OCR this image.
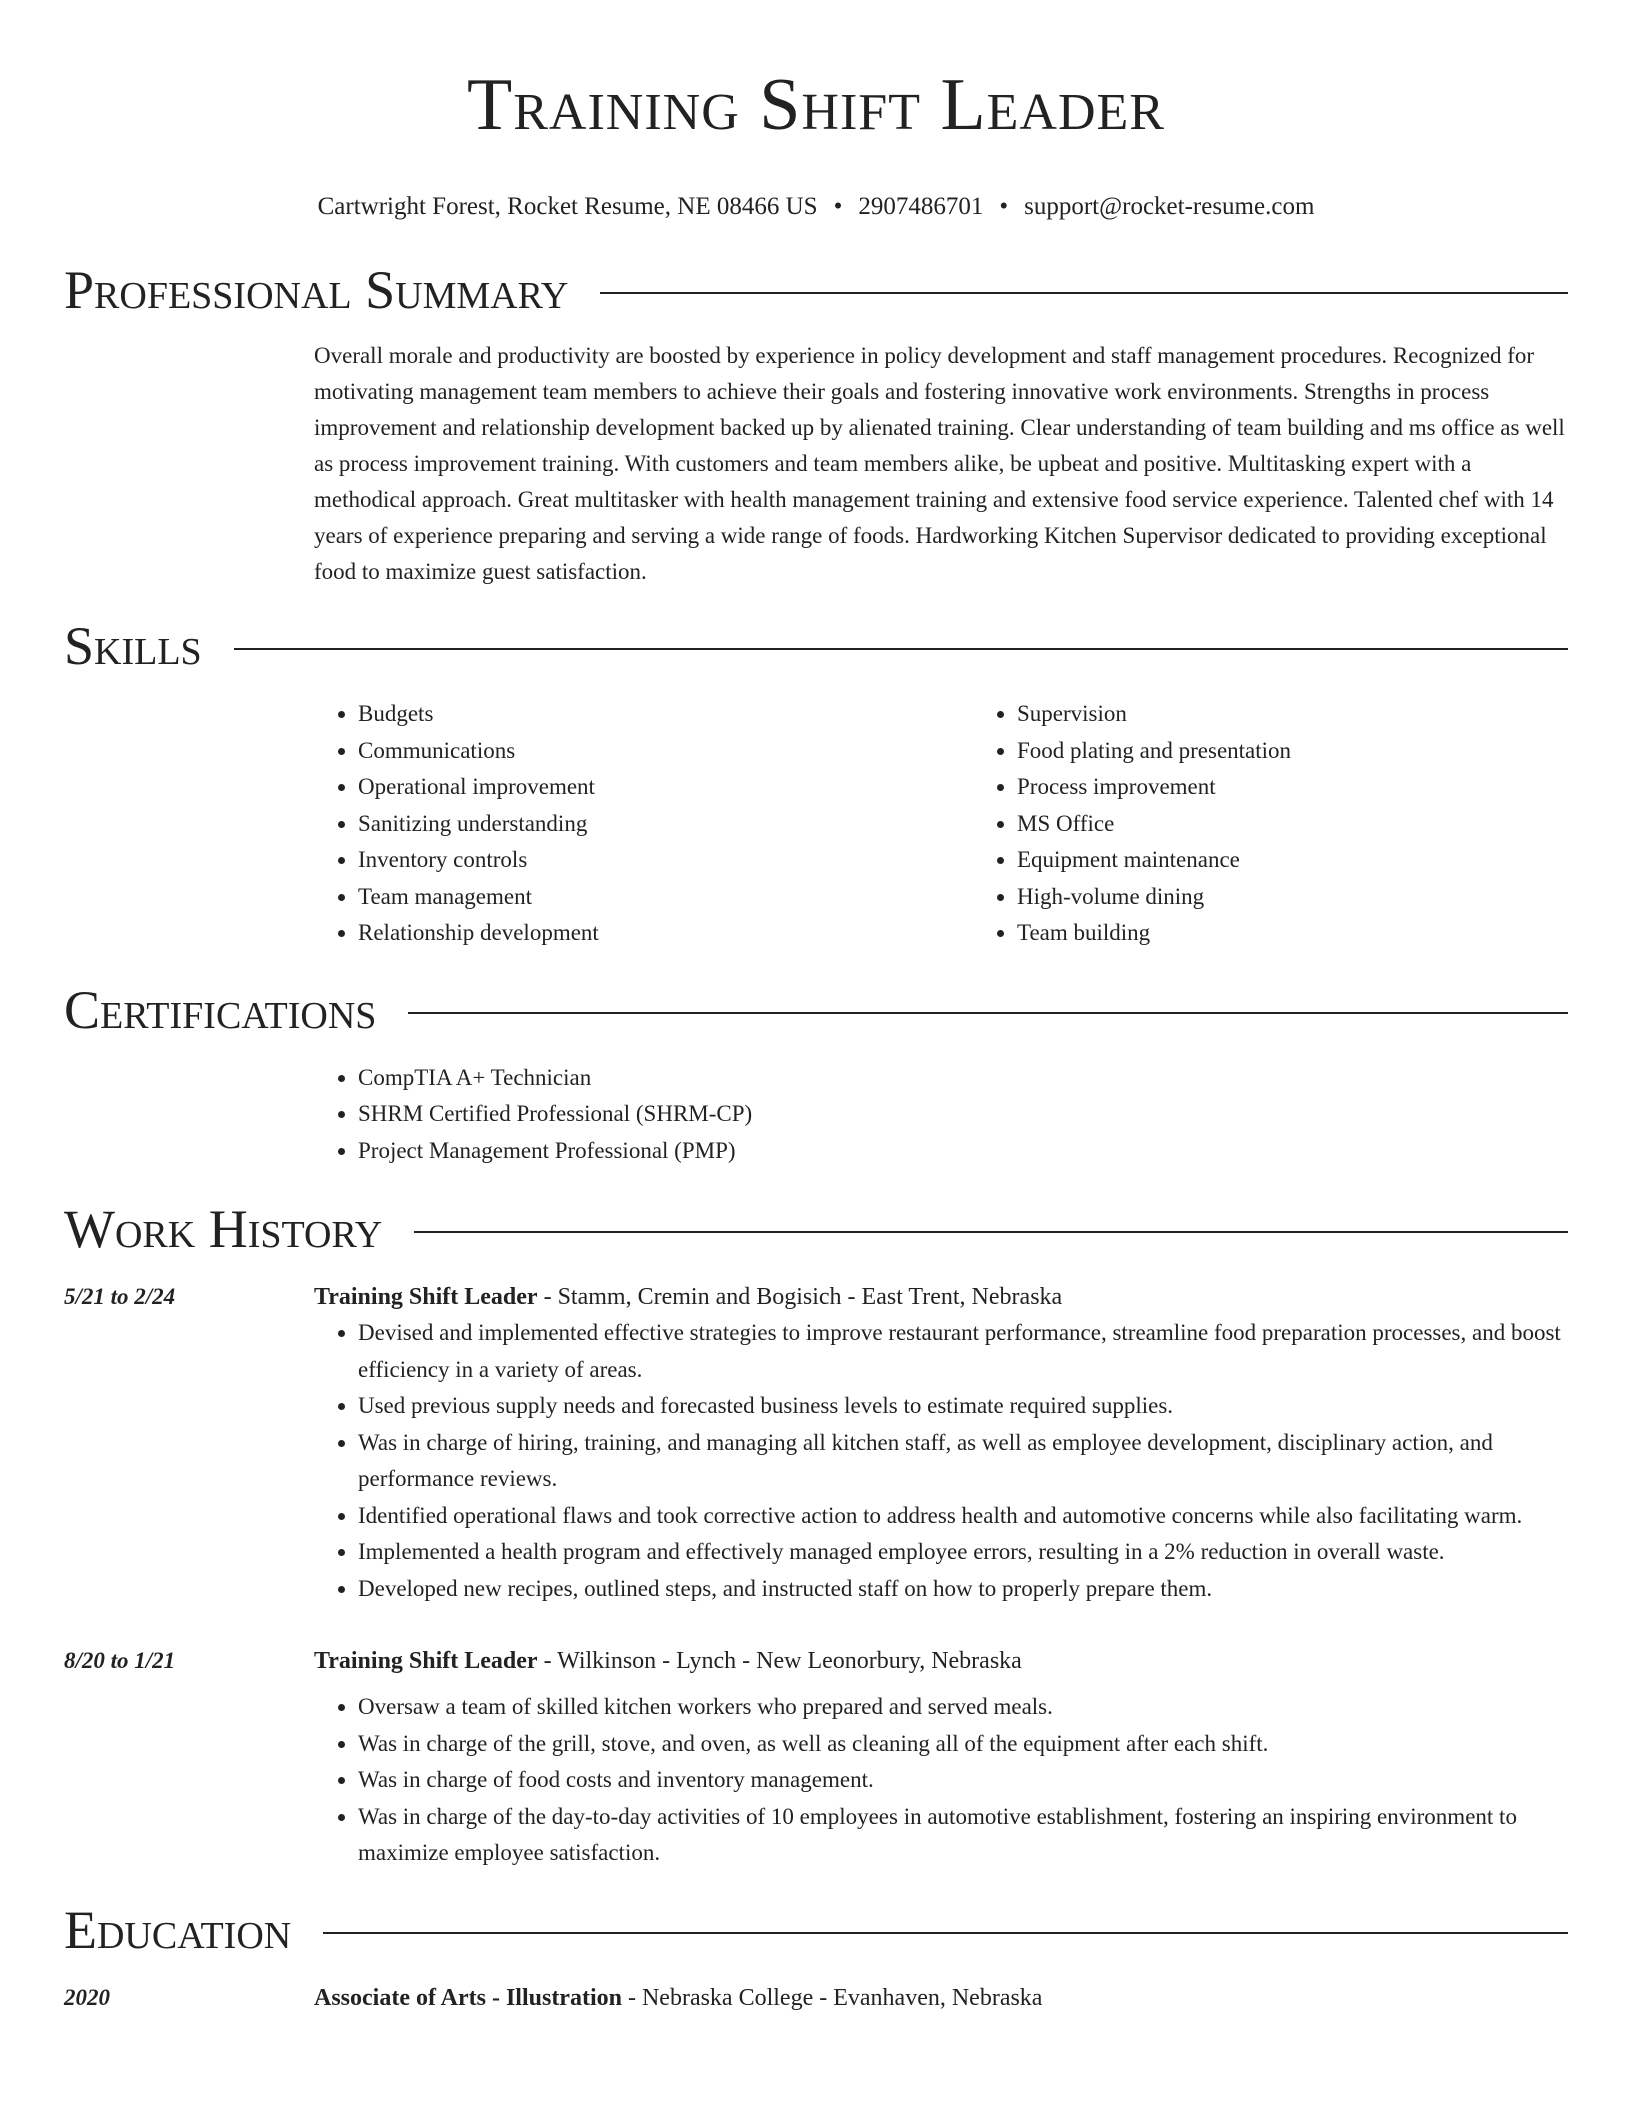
Training Shift Leader
Cartwright Forest, Rocket Resume, NE 08466 US • 2907486701 • support@rocket-resume.com
Professional Summary
Overall morale and productivity are boosted by experience in policy development and staff management procedures. Recognized for motivating management team members to achieve their goals and fostering innovative work environments. Strengths in process improvement and relationship development backed up by alienated training. Clear understanding of team building and ms office as well as process improvement training. With customers and team members alike, be upbeat and positive. Multitasking expert with a methodical approach. Great multitasker with health management training and extensive food service experience. Talented chef with 14 years of experience preparing and serving a wide range of foods. Hardworking Kitchen Supervisor dedicated to providing exceptional food to maximize guest satisfaction.
Skills
• Budgets
• Communications
• Operational improvement
• Sanitizing understanding
• Inventory controls
• Team management
• Relationship development
• Supervision
• Food plating and presentation
• Process improvement
• MS Office
• Equipment maintenance
• High-volume dining
• Team building
Certifications
• CompTIA A+ Technician
• SHRM Certified Professional (SHRM-CP)
• Project Management Professional (PMP)
Work History
5/21 to 2/24	Training Shift Leader - Stamm, Cremin and Bogisich - East Trent, Nebraska
• Devised and implemented effective strategies to improve restaurant performance, streamline food preparation processes, and boost efficiency in a variety of areas.
• Used previous supply needs and forecasted business levels to estimate required supplies.
• Was in charge of hiring, training, and managing all kitchen staff, as well as employee development, disciplinary action, and performance reviews.
• Identified operational flaws and took corrective action to address health and automotive concerns while also facilitating warm.
• Implemented a health program and effectively managed employee errors, resulting in a 2% reduction in overall waste.
• Developed new recipes, outlined steps, and instructed staff on how to properly prepare them.
8/20 to 1/21	Training Shift Leader - Wilkinson - Lynch - New Leonorbury, Nebraska
• Oversaw a team of skilled kitchen workers who prepared and served meals.
• Was in charge of the grill, stove, and oven, as well as cleaning all of the equipment after each shift.
• Was in charge of food costs and inventory management.
• Was in charge of the day-to-day activities of 10 employees in automotive establishment, fostering an inspiring environment to maximize employee satisfaction.
Education
2020	Associate of Arts - Illustration - Nebraska College - Evanhaven, Nebraska
